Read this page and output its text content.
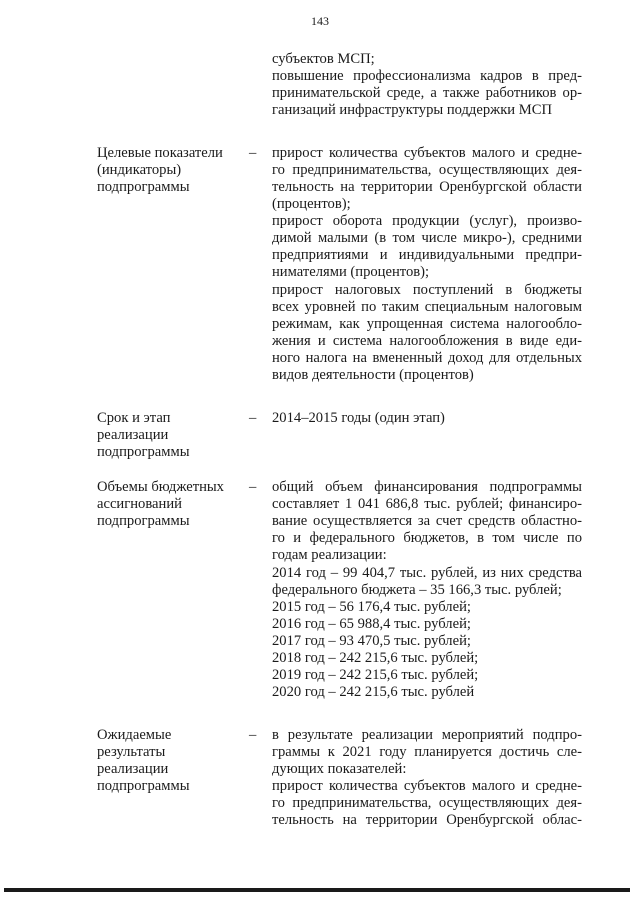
143
субъектов МСП;
повышение профессионализма кадров в пред-
принимательской среде, а также работников ор-
ганизаций инфраструктуры поддержки МСП
Целевые показатели
(индикаторы)
подпрограммы
– прирост количества субъектов малого и средне-
го предпринимательства, осуществляющих дея-
тельность на территории Оренбургской области
(процентов);
прирост оборота продукции (услуг), произво-
димой малыми (в том числе микро-), средними
предприятиями и индивидуальными предпри-
нимателями (процентов);
прирост налоговых поступлений в бюджеты
всех уровней по таким специальным налоговым
режимам, как упрощенная система налогообло-
жения и система налогообложения в виде еди-
ного налога на вмененный доход для отдельных
видов деятельности (процентов)
Срок и этап
реализации
подпрограммы
– 2014–2015 годы (один этап)
Объемы бюджетных
ассигнований
подпрограммы
– общий объем финансирования подпрограммы
составляет 1 041 686,8 тыс. рублей; финансиро-
вание осуществляется за счет средств областно-
го и федерального бюджетов, в том числе по
годам реализации:
2014 год – 99 404,7 тыс. рублей, из них средства
федерального бюджета – 35 166,3 тыс. рублей;
2015 год – 56 176,4 тыс. рублей;
2016 год – 65 988,4 тыс. рублей;
2017 год – 93 470,5 тыс. рублей;
2018 год – 242 215,6 тыс. рублей;
2019 год – 242 215,6 тыс. рублей;
2020 год – 242 215,6 тыс. рублей
Ожидаемые
результаты
реализации
подпрограммы
– в результате реализации мероприятий подпро-
граммы к 2021 году планируется достичь сле-
дующих показателей:
прирост количества субъектов малого и средне-
го предпринимательства, осуществляющих дея-
тельность на территории Оренбургской облас-
